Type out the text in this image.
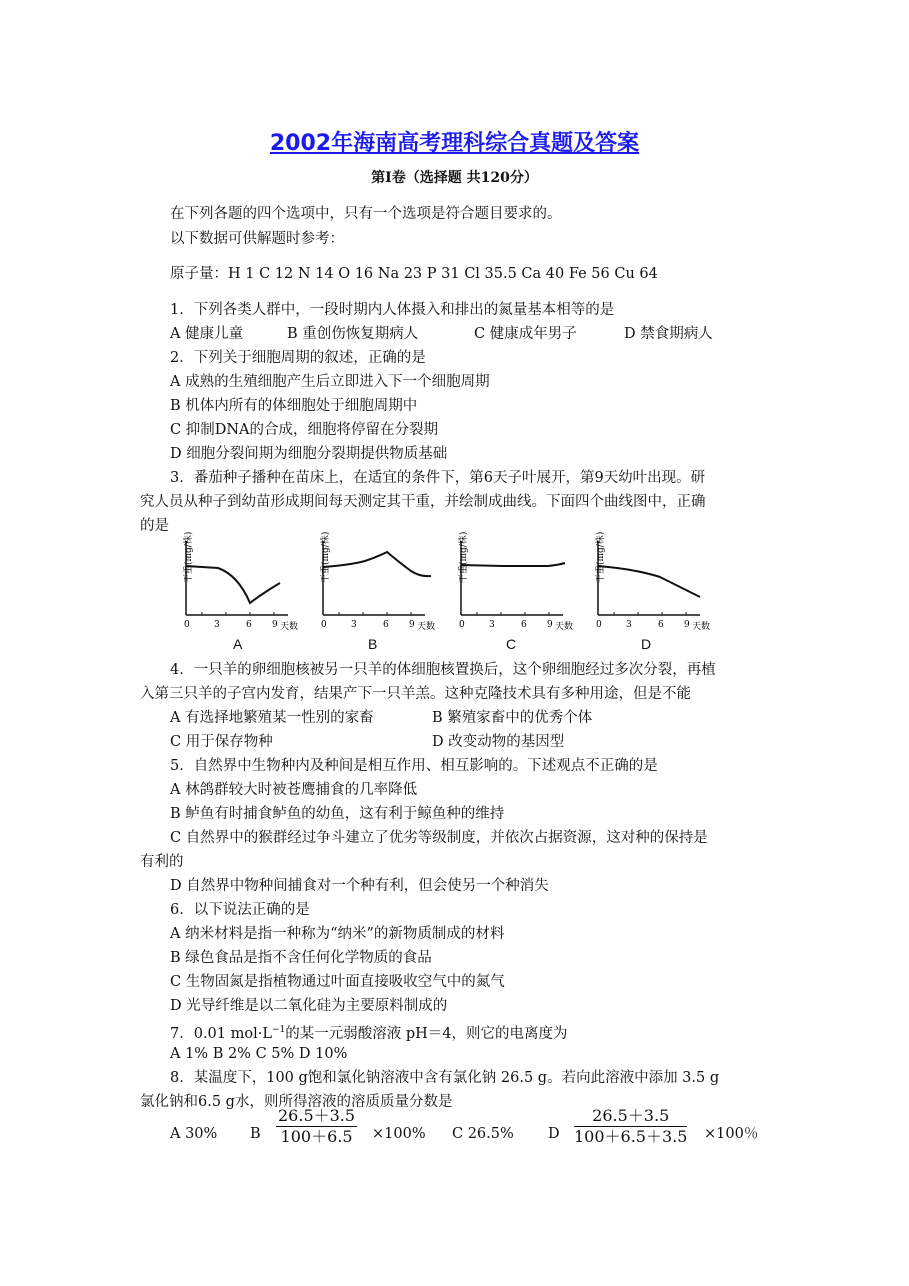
2002年海南高考理科综合真题及答案
第Ⅰ卷（选择题 共120分）
在下列各题的四个选项中，只有一个选项是符合题目要求的。
以下数据可供解题时参考：
原子量：H 1 C 12 N 14 O 16 Na 23 P 31 Cl 35.5 Ca 40 Fe 56 Cu 64
1．下列各类人群中，一段时期内人体摄入和排出的氮量基本相等的是
A 健康儿童	B 重创伤恢复期病人	C 健康成年男子	D 禁食期病人
2．下列关于细胞周期的叙述，正确的是
A 成熟的生殖细胞产生后立即进入下一个细胞周期
B 机体内所有的体细胞处于细胞周期中
C 抑制DNA的合成，细胞将停留在分裂期
D 细胞分裂间期为细胞分裂期提供物质基础
3．番茄种子播种在苗床上，在适宜的条件下，第6天子叶展开，第9天幼叶出现。研
究人员从种子到幼苗形成期间每天测定其干重，并绘制成曲线。下面四个曲线图中，正确
的是
干重(mg/株)
0	3	6 9 天数
干重(mg/株)
0	3	6 9 天数
干重(mg/株)
0	3	6 9 天数
干重(mg/株)
0	3	6 9 天数
A	B	C	D
4．一只羊的卵细胞核被另一只羊的体细胞核置换后，这个卵细胞经过多次分裂，再植
入第三只羊的子宫内发育，结果产下一只羊羔。这种克隆技术具有多种用途，但是不能
A 有选择地繁殖某一性别的家畜	B 繁殖家畜中的优秀个体
C 用于保存物种	D 改变动物的基因型
5．自然界中生物种内及种间是相互作用、相互影响的。下述观点不正确的是
A 林鸽群较大时被苍鹰捕食的几率降低
B 鲈鱼有时捕食鲈鱼的幼鱼，这有利于鲸鱼种的维持
C 自然界中的猴群经过争斗建立了优劣等级制度，并依次占据资源，这对种的保持是
有利的
D 自然界中物种间捕食对一个种有利，但会使另一个种消失
6．以下说法正确的是
A 纳米材料是指一种称为“纳米”的新物质制成的材料
B 绿色食品是指不含任何化学物质的食品
C 生物固氮是指植物通过叶面直接吸收空气中的氮气
D 光导纤维是以二氧化硅为主要原料制成的
7．0.01 $mol\cdot L^{-1}$的某一元弱酸溶液 pH＝4，则它的电离度为
A 1% B 2% C 5% D 10%
8．某温度下，100 g饱和氯化钠溶液中含有氯化钠 26.5 g。若向此溶液中添加 3.5 g
氯化钠和6.5 g水，则所得溶液的溶质质量分数是
A 30% B $\frac{26.5+3.5}{100+6.5} \times 100\%$ C 26.5% D $\frac{26.5+3.5}{100+6.5+3.5} \times 100$％
